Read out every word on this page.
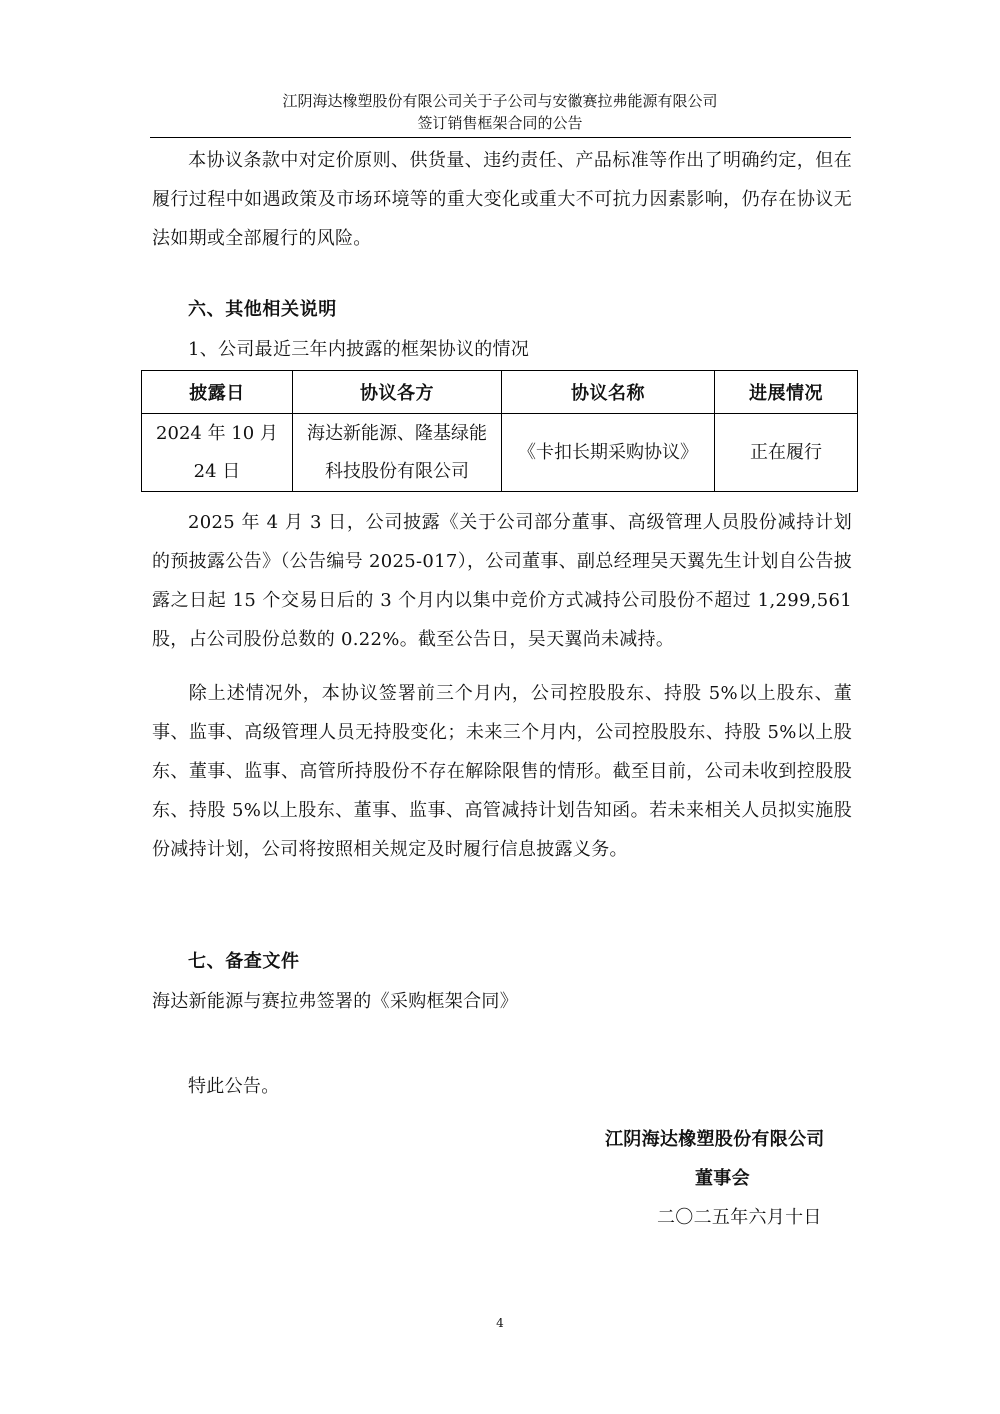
江阴海达橡塑股份有限公司关于子公司与安徽赛拉弗能源有限公司
签订销售框架合同的公告

本协议条款中对定价原则、供货量、违约责任、产品标准等作出了明确约定，但在履行过程中如遇政策及市场环境等的重大变化或重大不可抗力因素影响，仍存在协议无法如期或全部履行的风险。

六、其他相关说明
1、公司最近三年内披露的框架协议的情况
披露日	协议各方	协议名称	进展情况
2024 年 10 月 24 日	海达新能源、隆基绿能科技股份有限公司	《卡扣长期采购协议》	正在履行

2025 年 4 月 3 日，公司披露《关于公司部分董事、高级管理人员股份减持计划的预披露公告》（公告编号 2025-017），公司董事、副总经理吴天翼先生计划自公告披露之日起 15 个交易日后的 3 个月内以集中竞价方式减持公司股份不超过 1,299,561 股，占公司股份总数的 0.22%。截至公告日，吴天翼尚未减持。

除上述情况外，本协议签署前三个月内，公司控股股东、持股 5%以上股东、董事、监事、高级管理人员无持股变化；未来三个月内，公司控股股东、持股 5%以上股东、董事、监事、高管所持股份不存在解除限售的情形。截至目前，公司未收到控股股东、持股 5%以上股东、董事、监事、高管减持计划告知函。若未来相关人员拟实施股份减持计划，公司将按照相关规定及时履行信息披露义务。

七、备查文件
海达新能源与赛拉弗签署的《采购框架合同》
特此公告。
江阴海达橡塑股份有限公司
董事会
二〇二五年六月十日
4
